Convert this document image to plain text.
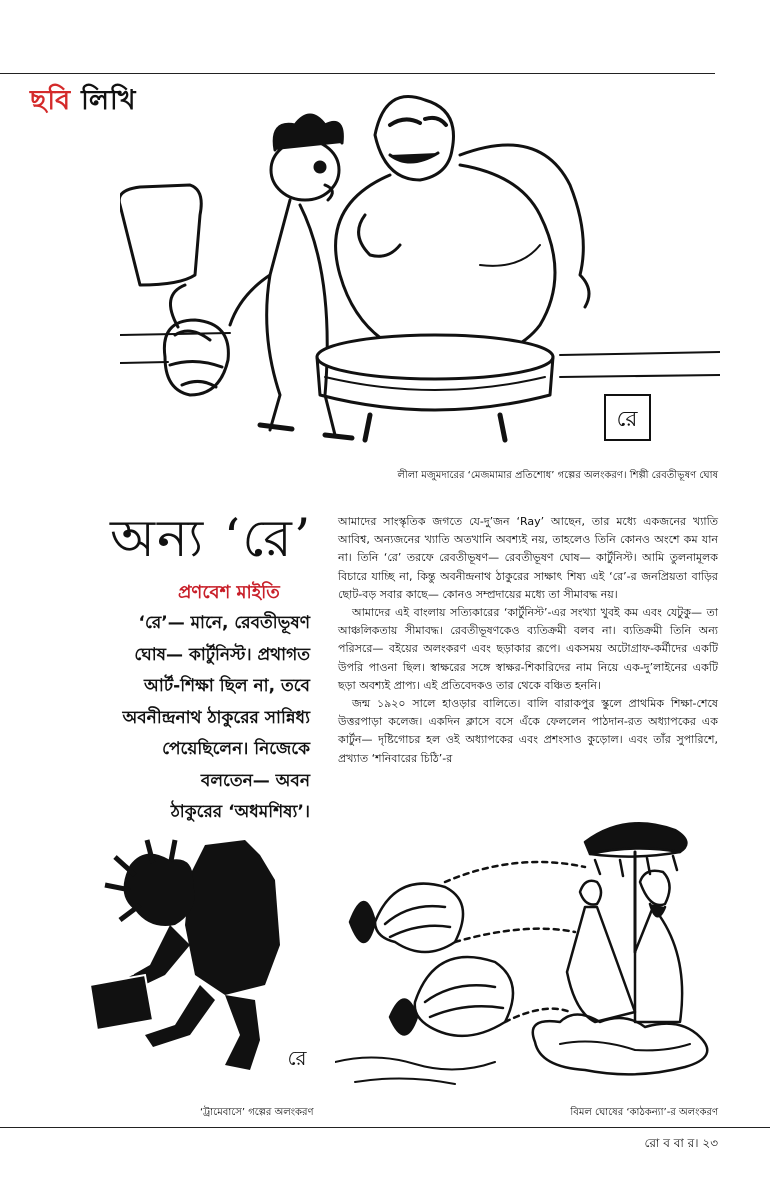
ছবি লিখি
রে
লীলা মজুমদারের ‘মেজমামার প্রতিশোধ’ গল্পের অলংকরণ। শিল্পী রেবতীভূষণ ঘোষ
অন্য ‘রে’
প্রণবেশ মাইতি
‘রে’— মানে, রেবতীভূষণ
ঘোষ— কার্টুনিস্ট। প্রথাগত
আর্ট-শিক্ষা ছিল না, তবে
অবনীন্দ্রনাথ ঠাকুরের সান্নিধ্য
পেয়েছিলেন। নিজেকে
বলতেন— অবন
ঠাকুরের ‘অধমশিষ্য’।

আমাদের সাংস্কৃতিক জগতে যে-দু’জন ‘Ray’ আছেন, তার মধ্যে একজনের খ্যাতি আবিশ্ব, অন্যজনের খ্যাতি অতখানি অবশ্যই নয়, তাহলেও তিনি কোনও অংশে কম যান না। তিনি ‘রে’ তরফে রেবতীভূষণ— রেবতীভূষণ ঘোষ— কার্টুনিস্ট। আমি তুলনামূলক বিচারে যাচ্ছি না, কিন্তু অবনীন্দ্রনাথ ঠাকুরের সাক্ষাৎ শিষ্য এই ‘রে’-র জনপ্রিয়তা বাড়ির ছোট-বড় সবার কাছে— কোনও সম্প্রদায়ের মধ্যে তা সীমাবদ্ধ নয়।

আমাদের এই বাংলায় সত্যিকারের ‘কার্টুনিস্ট’-এর সংখ্যা খুবই কম এবং যেটুকু— তা আঞ্চলিকতায় সীমাবদ্ধ। রেবতীভূষণকেও ব্যতিক্রমী বলব না। ব্যতিক্রমী তিনি অন্য পরিসরে— বইয়ের অলংকরণ এবং ছড়াকার রূপে। একসময় অটোগ্রাফ-কর্মীদের একটি উপরি পাওনা ছিল। স্বাক্ষরের সঙ্গে স্বাক্ষর-শিকারিদের নাম নিয়ে এক-দু’লাইনের একটি ছড়া অবশ্যই প্রাপ্য। এই প্রতিবেদকও তার থেকে বঞ্চিত হননি।

জন্ম ১৯২০ সালে হাওড়ার বালিতে। বালি বারাকপুর স্কুলে প্রাথমিক শিক্ষা-শেষে উত্তরপাড়া কলেজ। একদিন ক্লাসে বসে এঁকে ফেললেন পাঠদান-রত অধ্যাপকের এক কার্টুন— দৃষ্টিগোচর হল ওই অধ্যাপকের এবং প্রশংসাও কুড়োল। এবং তাঁর সুপারিশে, প্রখ্যাত ‘শনিবারের চিঠি’-র

রে
‘ট্রামেবাসে’ গল্পের অলংকরণ	বিমল ঘোষের ‘কাঠকন্যা’-র অলংকরণ
রো ব বা র। ২৩
